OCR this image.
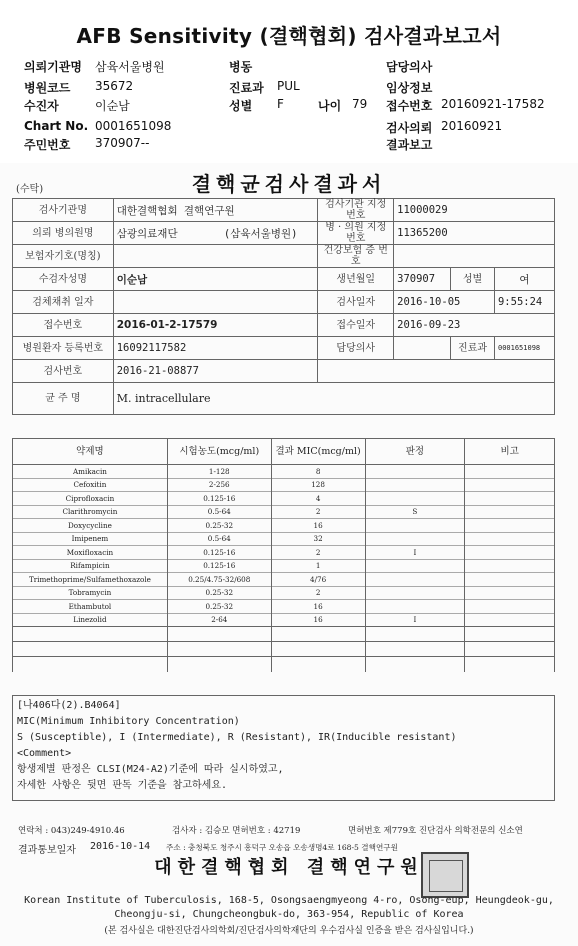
AFB Sensitivity (결핵협회) 검사결과보고서
의뢰기관명 삼육서울병원	병동	담당의사
병원코드 35672	진료과 PUL	임상정보
수진자	이순남	성별 F	나이 79 접수번호 20160921-17582
Chart No. 0001651098	검사의뢰 20160921
주민번호 370907--	결과보고
(수탁)	결핵균검사결과서
검사기관명	대한결핵협회 결핵연구원	검사기관 지정번호	11000029		
의뢰 병의원명	삼광의료재단 (삼육서울병원)	병 · 의원 지정번호	11365200		
보험자기호(명칭)		건강보험 증 번 호			
수검자성명	이순남	생년월일	370907	성별	여
검체채취 일자		검사일자	2016-10-05		9:55:24
접수번호	2016-01-2-17579	접수일자	2016-09-23		
병원환자 등록번호	16092117582	담당의사		진료과	0001651098
검사번호	2016-21-08877				
균 주 명	M. intracellulare				
약제명	시험농도(mcg/ml)	결과 MIC(mcg/ml)	판정	비고
Amikacin	1-128	8		
Cefoxitin	2-256	128		
Ciprofloxacin	0.125-16	4		
Clarithromycin	0.5-64	2	S	
Doxycycline	0.25-32	16		
Imipenem	0.5-64	32		
Moxifloxacin	0.125-16	2	I	
Rifampicin	0.125-16	1		
Trimethoprime/Sulfamethoxazole	0.25/4.75-32/608	4/76		
Tobramycin	0.25-32	2		
Ethambutol	0.25-32	16		
Linezolid	2-64	16	I	

[나406다(2).B4064]
MIC(Minimum Inhibitory Concentration)
S (Susceptible), I (Intermediate), R (Resistant), IR(Inducible resistant)
<Comment>
항생제별 판정은 CLSI(M24-A2)기준에 따라 실시하였고,
자세한 사항은 뒷면 판독 기준을 참고하세요.
연락처 : 043)249-4910.46	검사자 : 김승모 면허번호 : 42719	면허번호 제779호 진단검사 의학전문의 신소연
결과통보일자 2016-10-14 주소 : 충청북도 청주시 흥덕구 오송읍 오송생명4로 168-5 결핵연구원
대한결핵협회 결핵연구원
Korean Institute of Tuberculosis, 168-5, Osongsaengmyeong 4-ro, Osong-eup, Heungdeok-gu,
Cheongju-si, Chungcheongbuk-do, 363-954, Republic of Korea
(본 검사실은 대한진단검사의학회/진단검사의학재단의 우수검사실 인증을 받은 검사실입니다.)
